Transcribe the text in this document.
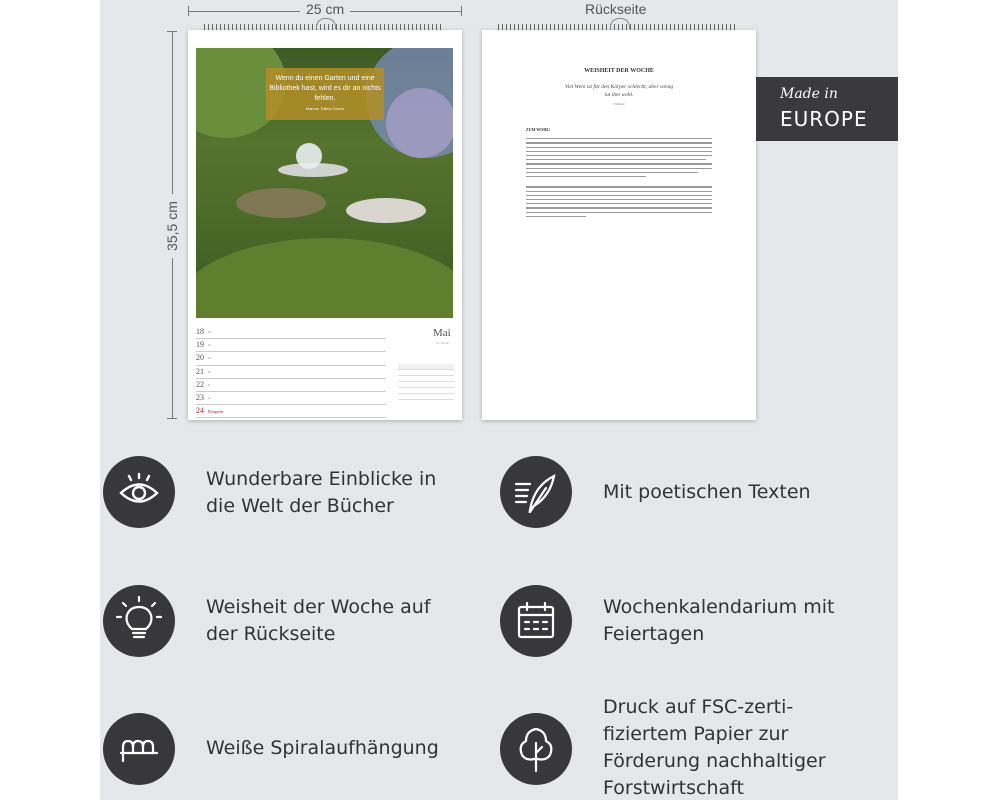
25 cm
35,5 cm
Rückseite
Wenn du einen Garten und eine Bibliothek hast, wird es dir an nichts fehlen.
Marcus Tullius Cicero
18 Mo
19 Di
20 Mi
21 Do
22 Fr
23 Sa
24 Pfingsten
Mai
21. Woche
WEISHEIT DER WOCHE
Viel Wein ist für den Körper schlecht, aber wenig tut ihm wohl.
Talmud
ZUM WOHL!
Made in
EUROPE
Wunderbare Einblicke in die Welt der Bücher
Mit poetischen Texten
Weisheit der Woche auf der Rückseite
Wochenkalendarium mit Feiertagen
Weiße Spiralaufhängung
Druck auf FSC-zertifiziertem Papier zur Förderung nachhaltiger Forstwirtschaft
